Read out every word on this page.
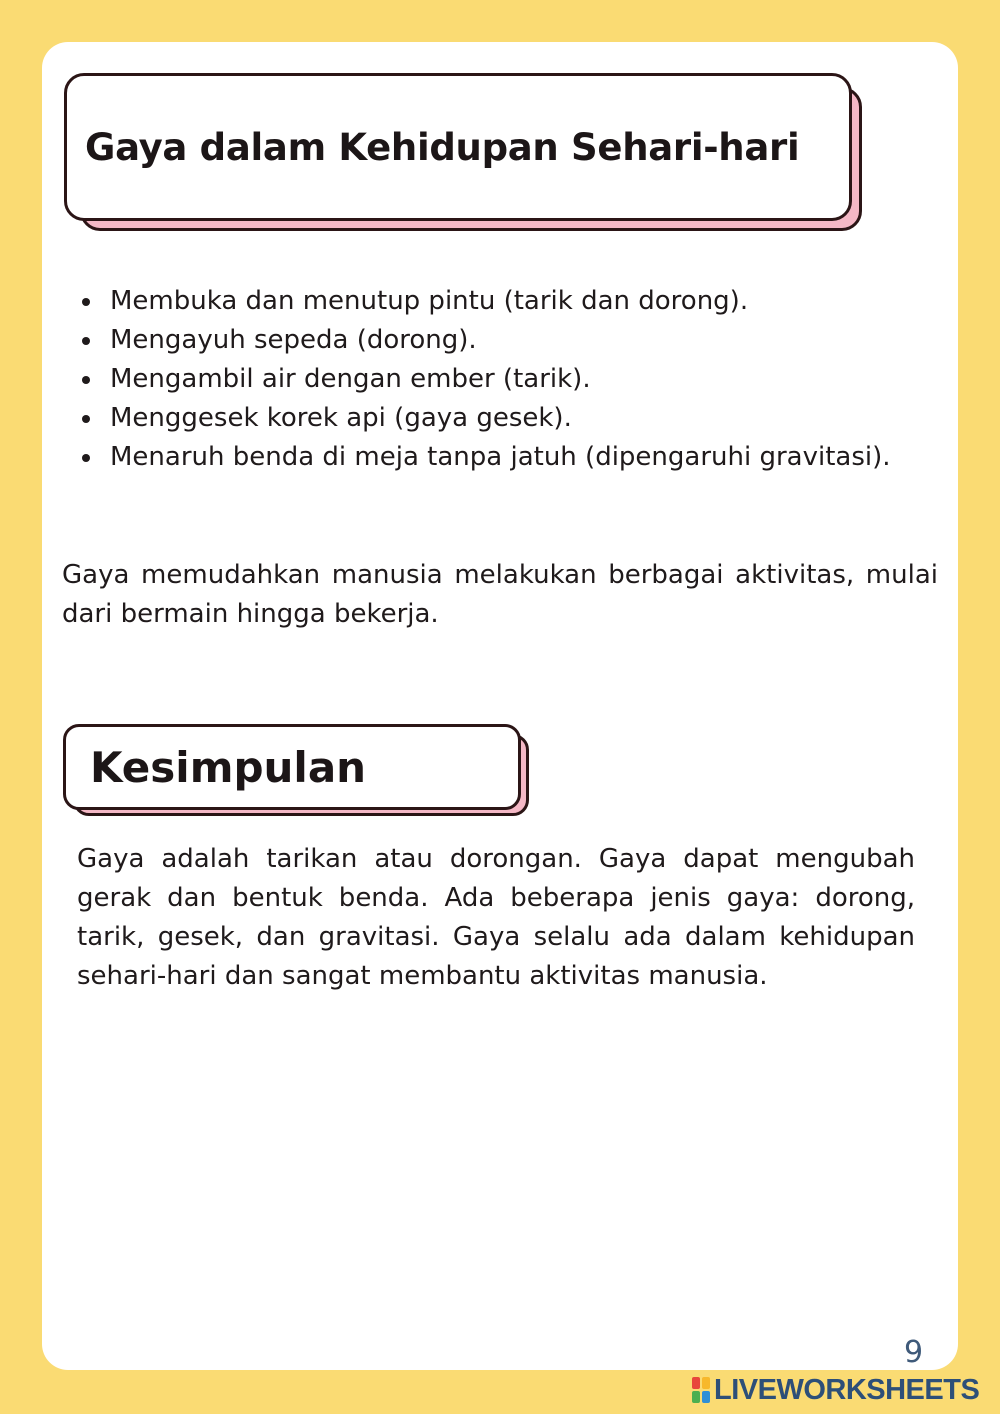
Gaya dalam Kehidupan Sehari-hari
Membuka dan menutup pintu (tarik dan dorong).
Mengayuh sepeda (dorong).
Mengambil air dengan ember (tarik).
Menggesek korek api (gaya gesek).
Menaruh benda di meja tanpa jatuh (dipengaruhi gravitasi).

Gaya memudahkan manusia melakukan berbagai aktivitas, mulai dari bermain hingga bekerja.

Kesimpulan

Gaya adalah tarikan atau dorongan. Gaya dapat mengubah gerak dan bentuk benda. Ada beberapa jenis gaya: dorong, tarik, gesek, dan gravitasi. Gaya selalu ada dalam kehidupan sehari-hari dan sangat membantu aktivitas manusia.

9
LIVEWORKSHEETS
